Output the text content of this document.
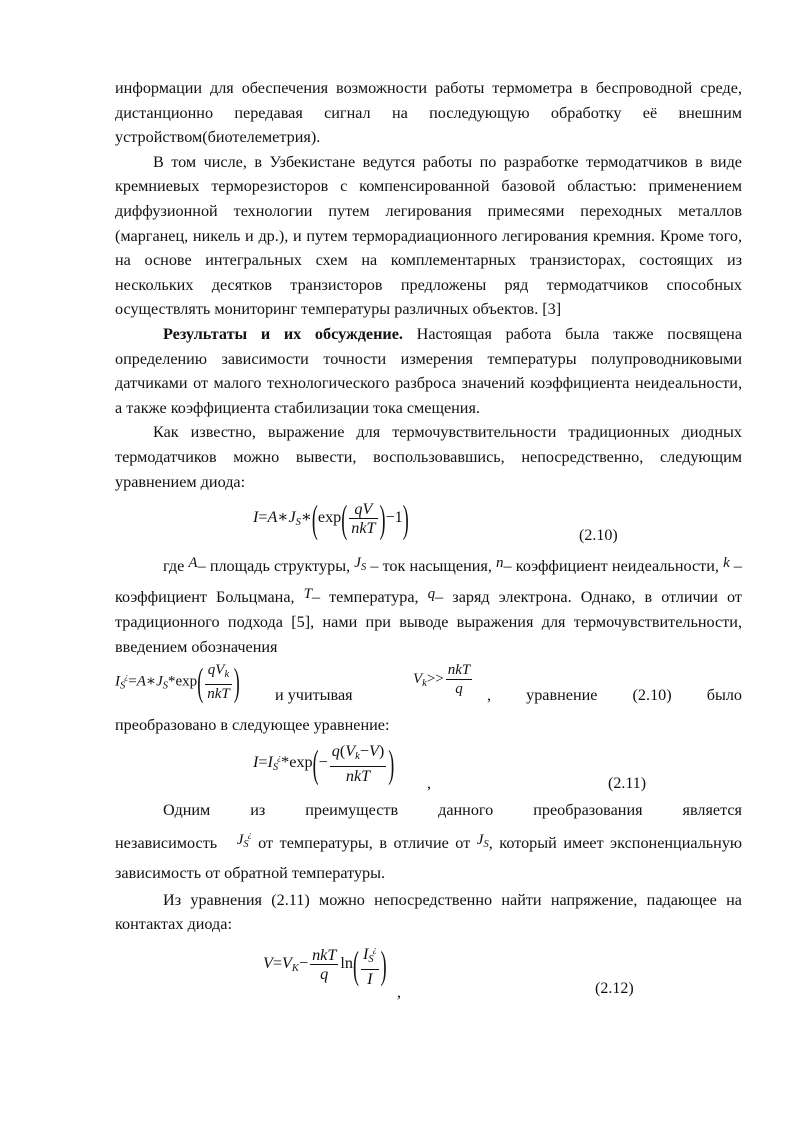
информации для обеспечения возможности работы термометра в беспроводной среде, дистанционно передавая сигнал на последующую обработку её внешним устройством(биотелеметрия).

В том числе, в Узбекистане ведутся работы по разработке термодатчиков в виде кремниевых терморезисторов с компенсированной базовой областью: применением диффузионной технологии путем легирования примесями переходных металлов (марганец, никель и др.), и путем терморадиационного легирования кремния. Кроме того, на основе интегральных схем на комплементарных транзисторах, состоящих из нескольких десятков транзисторов предложены ряд термодатчиков способных осуществлять мониторинг температуры различных объектов. [3]

Результаты и их обсуждение. Настоящая работа была также посвящена определению зависимости точности измерения температуры полупроводниковыми датчиками от малого технологического разброса значений коэффициента неидеальности, а также коэффициента стабилизации тока смещения.

Как известно, выражение для термочувствительности традиционных диодных термодатчиков можно вывести, воспользовавшись, непосредственно, следующим уравнением диода:

$I=A∗J_S∗(\exp( \frac{qV}{\text{nkT}} )-1)$	(2.10)

где A– площадь структуры, $J_S$ – ток насыщения, n– коэффициент неидеальности, k – коэффициент Больцмана, T– температура, q– заряд электрона. Однако, в отличии от традиционного подхода [5], нами при выводе выражения для термочувствительности, введением обозначения

$I_S^¿=A∗J_S*\exp( \frac{qV_k}{\text{nkT}}$ ) и учитывая
$V_k>> \frac{\text{nkT}}{q}$ , уравнение (2.10) было

преобразовано в следующее уравнение:

$I=I_S^¿*\exp(- \frac{q(V_k-V)}{\text{nkT}}$ ) ,	(2.11)

Одним из преимуществ данного преобразования является

независимость $J_S^¿$ от температуры, в отличие от $J_S$, который имеет экспоненциальную зависимость от обратной температуры.

Из уравнения (2.11) можно непосредственно найти напряжение, падающее на контактах диода:

$V=V_K- \frac{\text{nkT}}{q} \ln( \frac{I_S^¿}{I}$ )
,	(2.12)
